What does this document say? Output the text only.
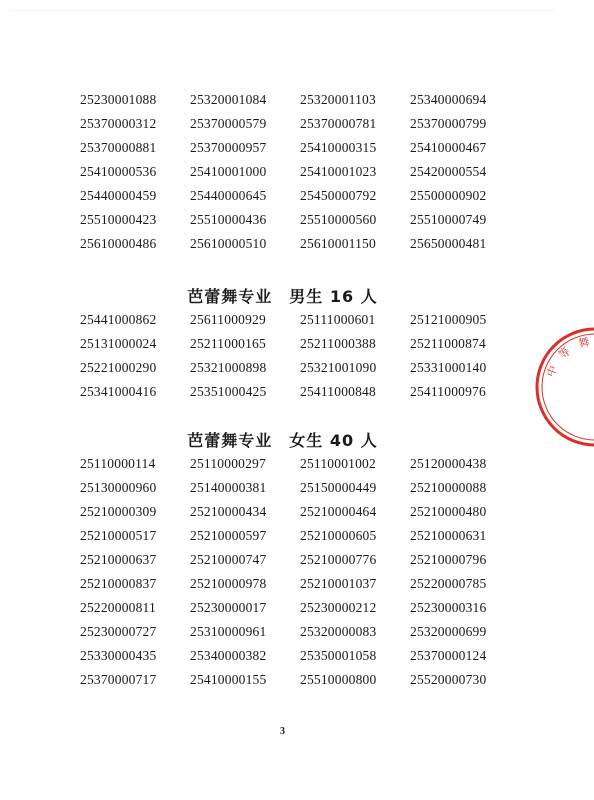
25230001088	25320001084	25320001103	25340000694
25370000312	25370000579	25370000781	25370000799
25370000881	25370000957	25410000315	25410000467
25410000536	25410001000	25410001023	25420000554
25440000459	25440000645	25450000792	25500000902
25510000423	25510000436	25510000560	25510000749
25610000486	25610000510	25610001150	25650000481
芭蕾舞专业　男生 16 人
25441000862	25611000929	25111000601	25121000905
25131000024	25211000165	25211000388	25211000874
25221000290	25321000898	25321001090	25331000140
25341000416	25351000425	25411000848	25411000976
芭蕾舞专业　女生 40 人
25110000114	25110000297	25110001002	25120000438
25130000960	25140000381	25150000449	25210000088
25210000309	25210000434	25210000464	25210000480
25210000517	25210000597	25210000605	25210000631
25210000637	25210000747	25210000776	25210000796
25210000837	25210000978	25210001037	25220000785
25220000811	25230000017	25230000212	25230000316
25230000727	25310000961	25320000083	25320000699
25330000435	25340000382	25350001058	25370000124
25370000717	25410000155	25510000800	25520000730
3
中
等
舞
